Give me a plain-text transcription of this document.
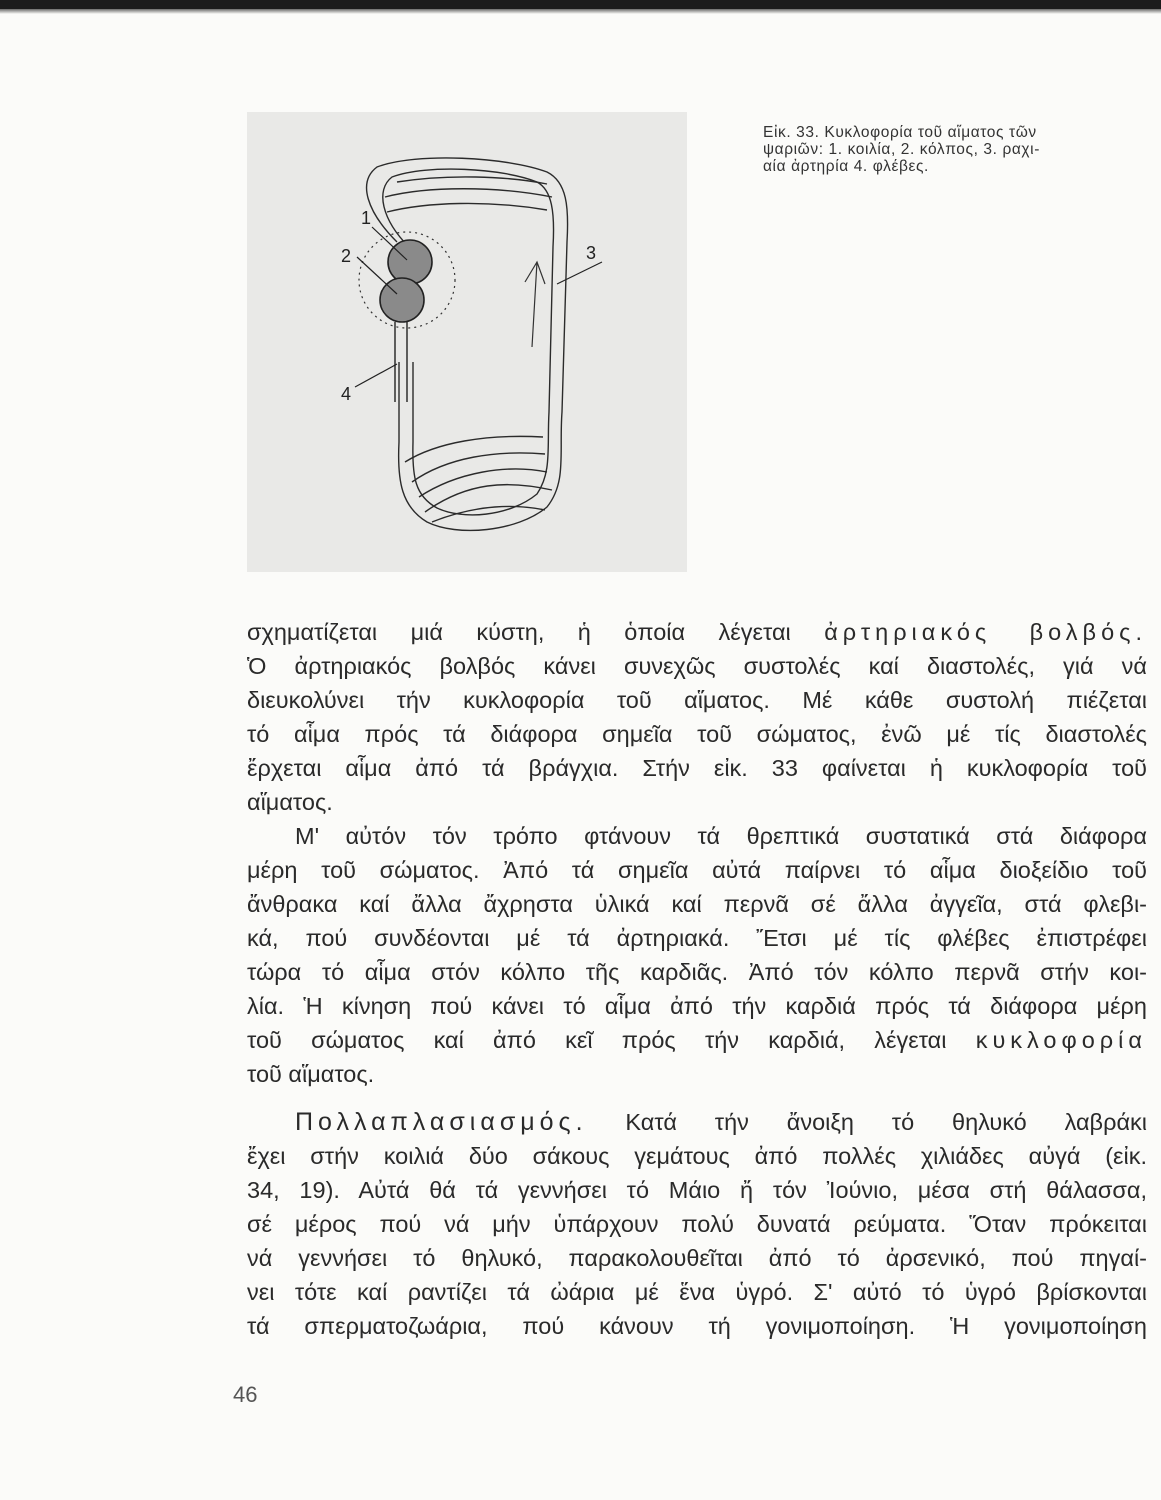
1
2	3
4
Εἰκ. 33. Κυκλοφορία τοῦ αἵματος τῶν
ψαριῶν: 1. κοιλία, 2. κόλπος, 3. ραχι-
αία ἀρτηρία 4. φλέβες.
σχηματίζεται μιά κύστη, ἡ ὁποία λέγεται ἀρτηριακός βολβός.
Ὁ ἀρτηριακός βολβός κάνει συνεχῶς συστολές καί διαστολές, γιά νά
διευκολύνει τήν κυκλοφορία τοῦ αἵματος. Μέ κάθε συστολή πιέζεται
τό αἷμα πρός τά διάφορα σημεῖα τοῦ σώματος, ἐνῶ μέ τίς διαστολές
ἔρχεται αἷμα ἀπό τά βράγχια. Στήν εἰκ. 33 φαίνεται ἡ κυκλοφορία τοῦ
αἵματος.
Μ' αὐτόν τόν τρόπο φτάνουν τά θρεπτικά συστατικά στά διάφορα
μέρη τοῦ σώματος. Ἀπό τά σημεῖα αὐτά παίρνει τό αἷμα διοξείδιο τοῦ
ἄνθρακα καί ἄλλα ἄχρηστα ὑλικά καί περνᾶ σέ ἄλλα ἀγγεῖα, στά φλεβι-
κά, πού συνδέονται μέ τά ἀρτηριακά. Ἔτσι μέ τίς φλέβες ἐπιστρέφει
τώρα τό αἷμα στόν κόλπο τῆς καρδιᾶς. Ἀπό τόν κόλπο περνᾶ στήν κοι-
λία. Ἡ κίνηση πού κάνει τό αἷμα ἀπό τήν καρδιά πρός τά διάφορα μέρη
τοῦ σώματος καί ἀπό κεῖ πρός τήν καρδιά, λέγεται κυκλοφορία
τοῦ αἵματος.
Πολλαπλασιασμός. Κατά τήν ἄνοιξη τό θηλυκό λαβράκι
ἔχει στήν κοιλιά δύο σάκους γεμάτους ἀπό πολλές χιλιάδες αὐγά (εἰκ.
34, 19). Αὐτά θά τά γεννήσει τό Μάιο ἤ τόν Ἰούνιο, μέσα στή θάλασσα,
σέ μέρος πού νά μήν ὑπάρχουν πολύ δυνατά ρεύματα. Ὅταν πρόκειται
νά γεννήσει τό θηλυκό, παρακολουθεῖται ἀπό τό ἀρσενικό, πού πηγαί-
νει τότε καί ραντίζει τά ὠάρια μέ ἕνα ὑγρό. Σ' αὐτό τό ὑγρό βρίσκονται
τά σπερματοζωάρια, πού κάνουν τή γονιμοποίηση. Ἡ γονιμοποίηση
46
